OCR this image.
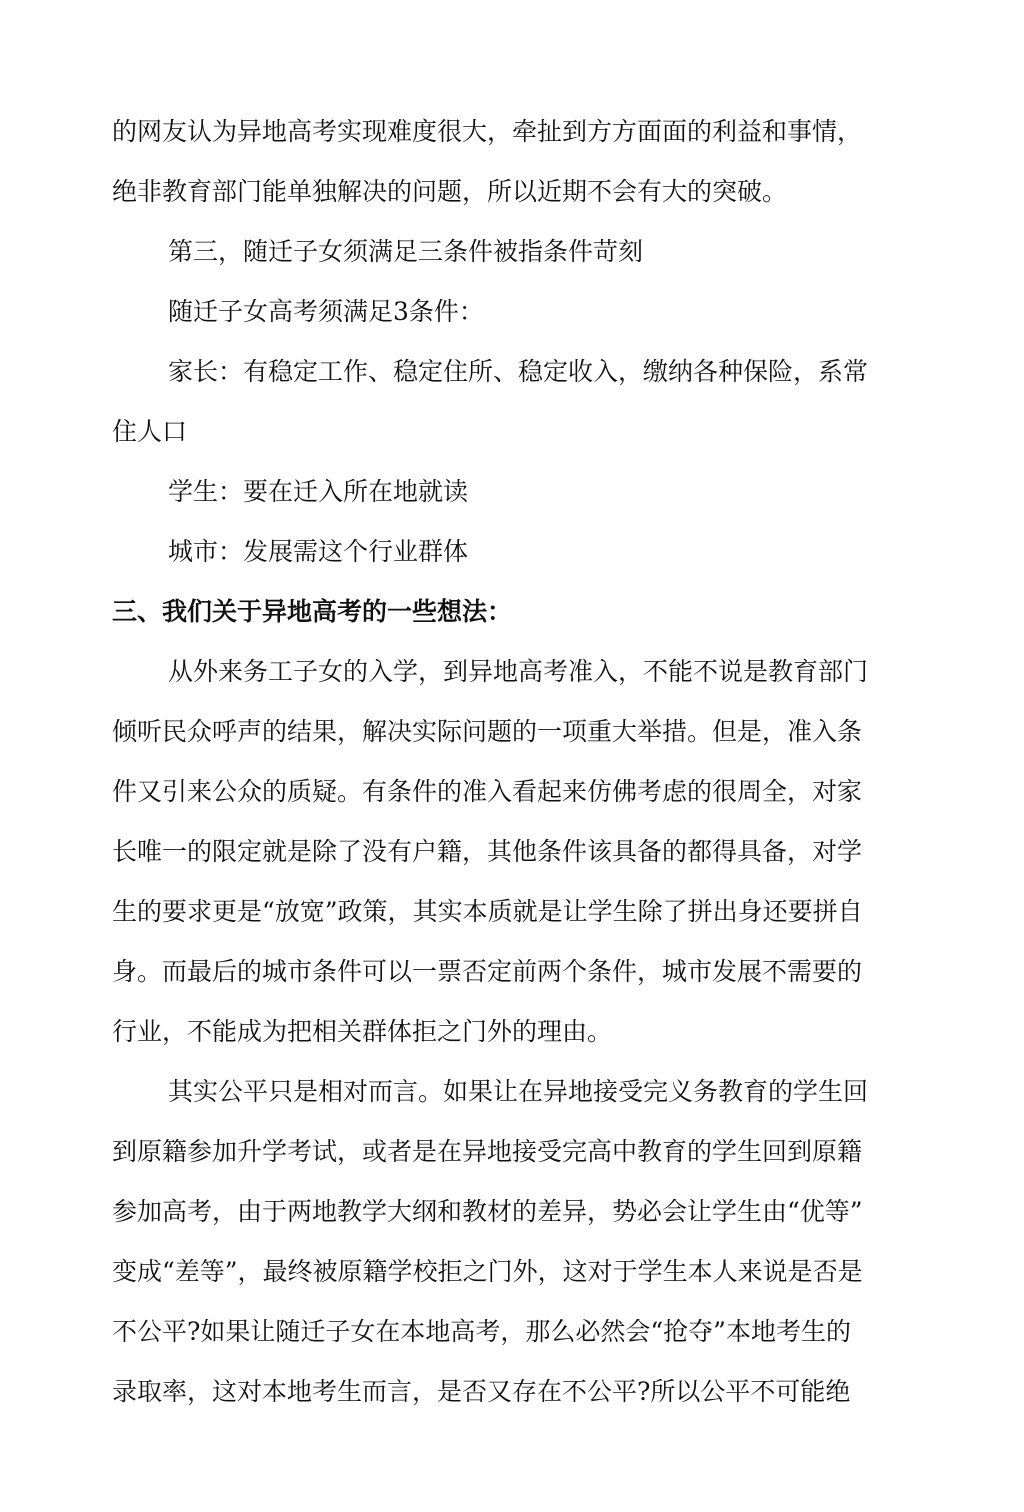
的网友认为异地高考实现难度很大，牵扯到方方面面的利益和事情，
绝非教育部门能单独解决的问题，所以近期不会有大的突破。
第三，随迁子女须满足三条件被指条件苛刻
随迁子女高考须满足3条件：
家长：有稳定工作、稳定住所、稳定收入，缴纳各种保险，系常
住人口
学生：要在迁入所在地就读
城市：发展需这个行业群体
三、我们关于异地高考的一些想法：
从外来务工子女的入学，到异地高考准入，不能不说是教育部门
倾听民众呼声的结果，解决实际问题的一项重大举措。但是，准入条
件又引来公众的质疑。有条件的准入看起来仿佛考虑的很周全，对家
长唯一的限定就是除了没有户籍，其他条件该具备的都得具备，对学
生的要求更是“放宽”政策，其实本质就是让学生除了拼出身还要拼自
身。而最后的城市条件可以一票否定前两个条件，城市发展不需要的
行业，不能成为把相关群体拒之门外的理由。
其实公平只是相对而言。如果让在异地接受完义务教育的学生回
到原籍参加升学考试，或者是在异地接受完高中教育的学生回到原籍
参加高考，由于两地教学大纲和教材的差异，势必会让学生由“优等”
变成“差等”，最终被原籍学校拒之门外，这对于学生本人来说是否是
不公平?如果让随迁子女在本地高考，那么必然会“抢夺”本地考生的
录取率，这对本地考生而言，是否又存在不公平?所以公平不可能绝
